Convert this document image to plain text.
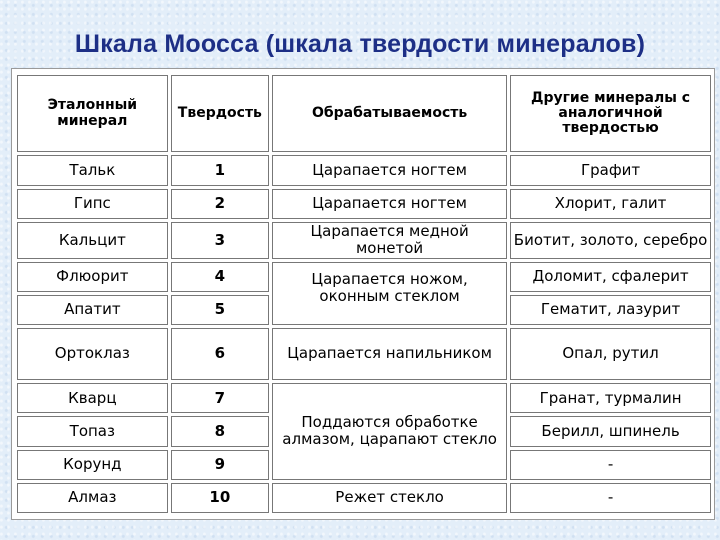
Шкала Моосса (шкала твердости минералов)
Эталонный минерал	Твердость	Обрабатываемость	Другие минералы с аналогичной твердостью
Тальк	1	Царапается ногтем	Графит
Гипс	2	Царапается ногтем	Хлорит, галит
Кальцит	3	Царапается медной монетой	Биотит, золото, серебро
Флюорит	4	Царапается ножом, оконным стеклом	Доломит, сфалерит
Апатит	5		Гематит, лазурит
Ортоклаз	6	Царапается напильником	Опал, рутил
Кварц	7	Поддаются обработке алмазом, царапают стекло	Гранат, турмалин
Топаз	8		Берилл, шпинель
Корунд	9		-
Алмаз	10	Режет стекло	-
